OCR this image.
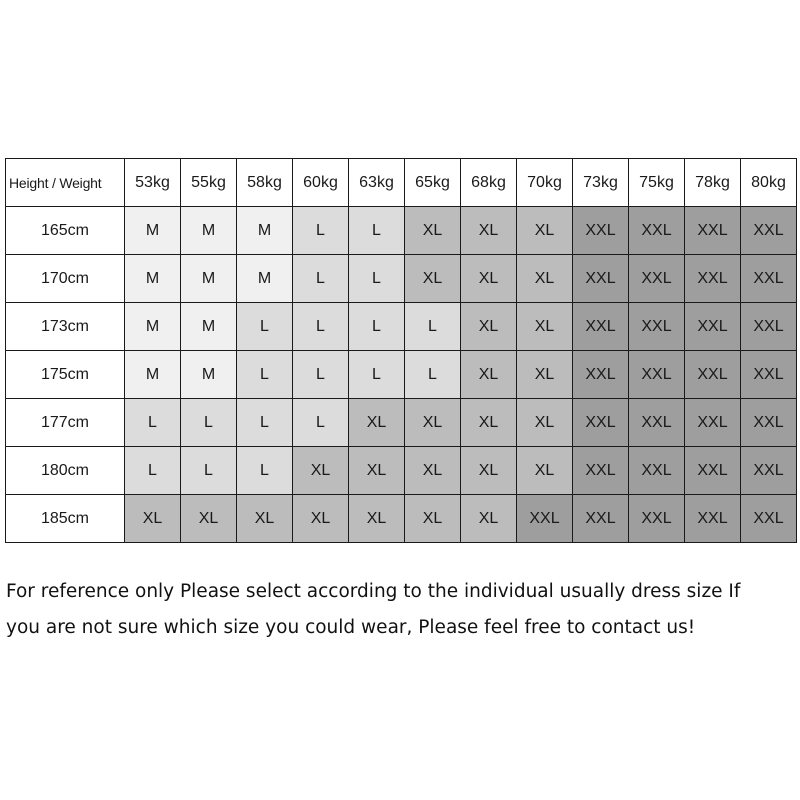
Height / Weight	53kg	55kg	58kg	60kg	63kg	65kg	68kg	70kg	73kg	75kg	78kg	80kg
165cm	M	M	M	L	L	XL	XL	XL	XXL	XXL	XXL	XXL
170cm	M	M	M	L	L	XL	XL	XL	XXL	XXL	XXL	XXL
173cm	M	M	L	L	L	L	XL	XL	XXL	XXL	XXL	XXL
175cm	M	M	L	L	L	L	XL	XL	XXL	XXL	XXL	XXL
177cm	L	L	L	L	XL	XL	XL	XL	XXL	XXL	XXL	XXL
180cm	L	L	L	XL	XL	XL	XL	XL	XXL	XXL	XXL	XXL
185cm	XL	XL	XL	XL	XL	XL	XL	XXL	XXL	XXL	XXL	XXL

For reference only Please select according to the individual usually dress size If
you are not sure which size you could wear, Please feel free to contact us!
